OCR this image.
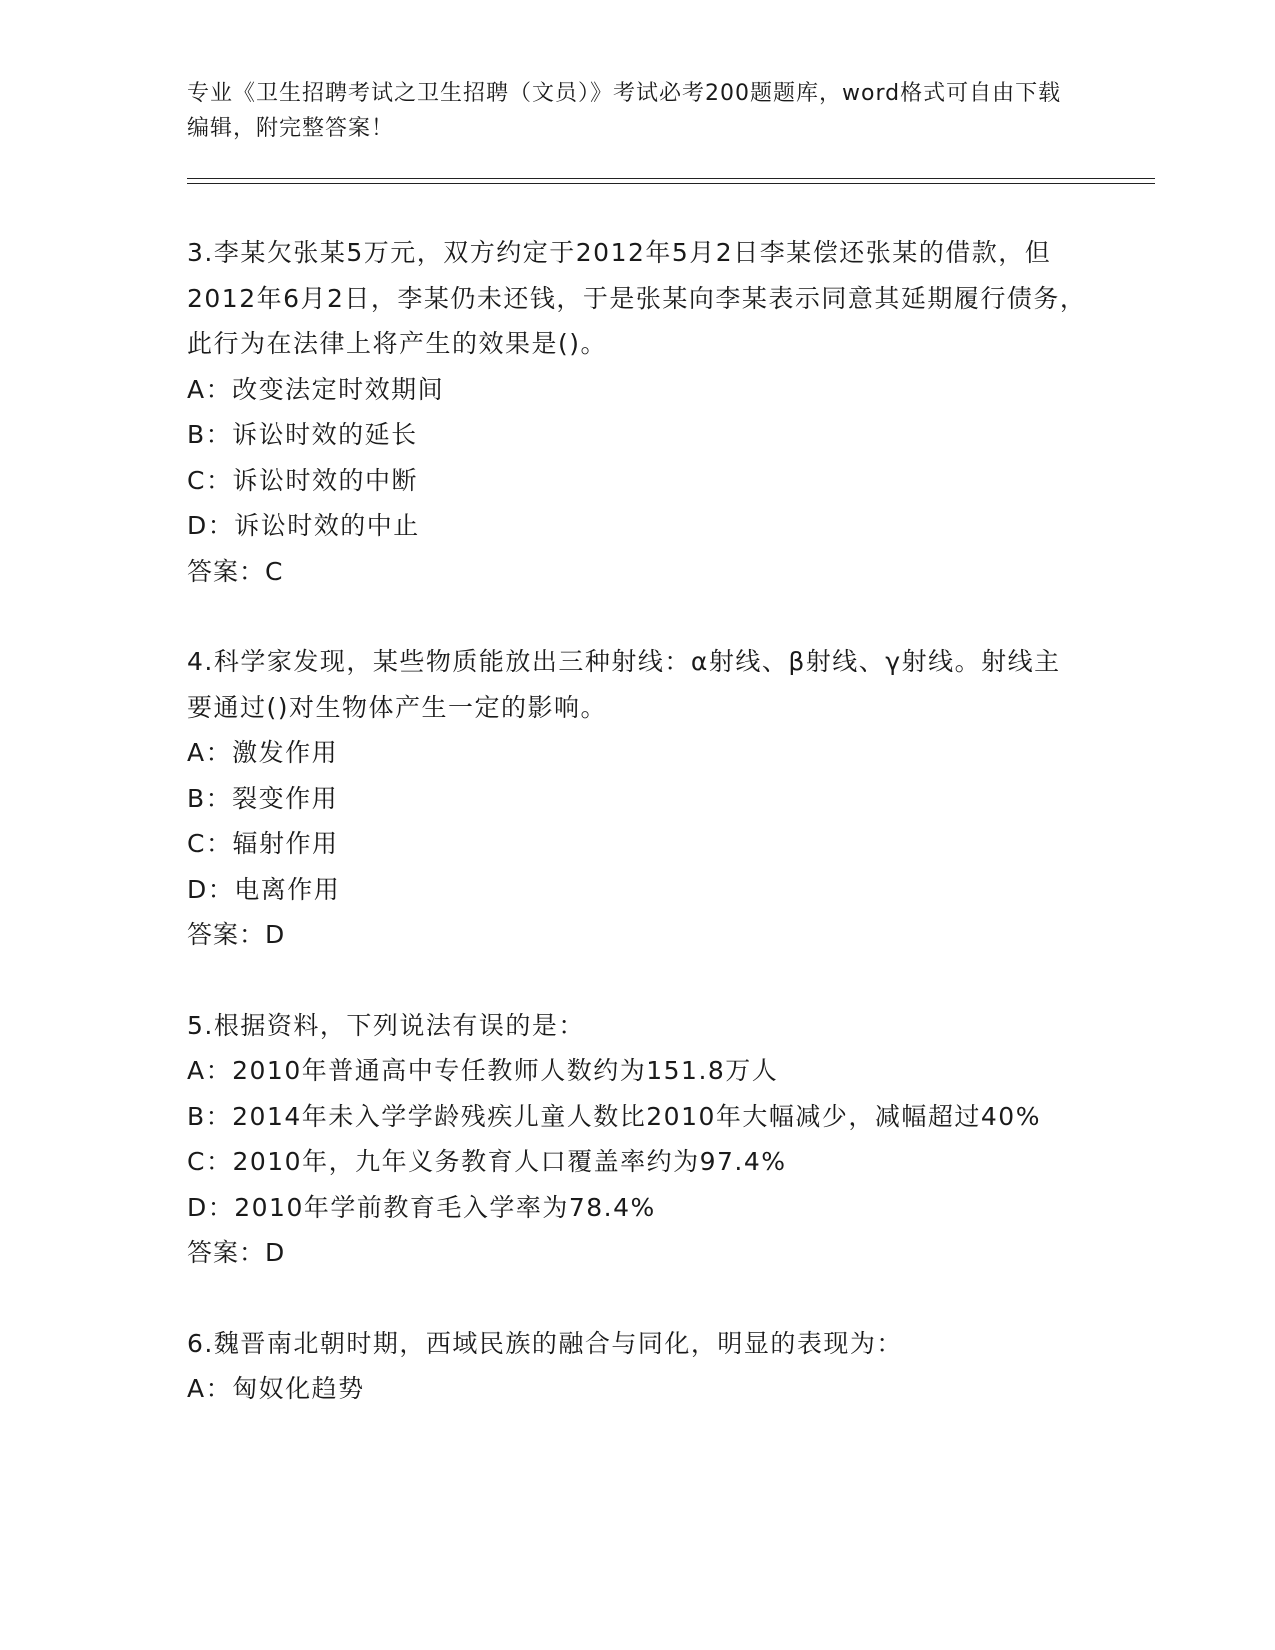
专业《卫生招聘考试之卫生招聘（文员）》考试必考200题题库，word格式可自由下载编辑，附完整答案！

3.李某欠张某5万元，双方约定于2012年5月2日李某偿还张某的借款，但2012年6月2日，李某仍未还钱，于是张某向李某表示同意其延期履行债务，此行为在法律上将产生的效果是()。

A：改变法定时效期间

B：诉讼时效的延长

C：诉讼时效的中断

D：诉讼时效的中止

答案：C

4.科学家发现，某些物质能放出三种射线：α射线、β射线、γ射线。射线主要通过()对生物体产生一定的影响。

A：激发作用

B：裂变作用

C：辐射作用

D：电离作用

答案：D

5.根据资料，下列说法有误的是：

A：2010年普通高中专任教师人数约为151.8万人

B：2014年未入学学龄残疾儿童人数比2010年大幅减少，减幅超过40%

C：2010年，九年义务教育人口覆盖率约为97.4%

D：2010年学前教育毛入学率为78.4%

答案：D

6.魏晋南北朝时期，西域民族的融合与同化，明显的表现为：

A：匈奴化趋势
